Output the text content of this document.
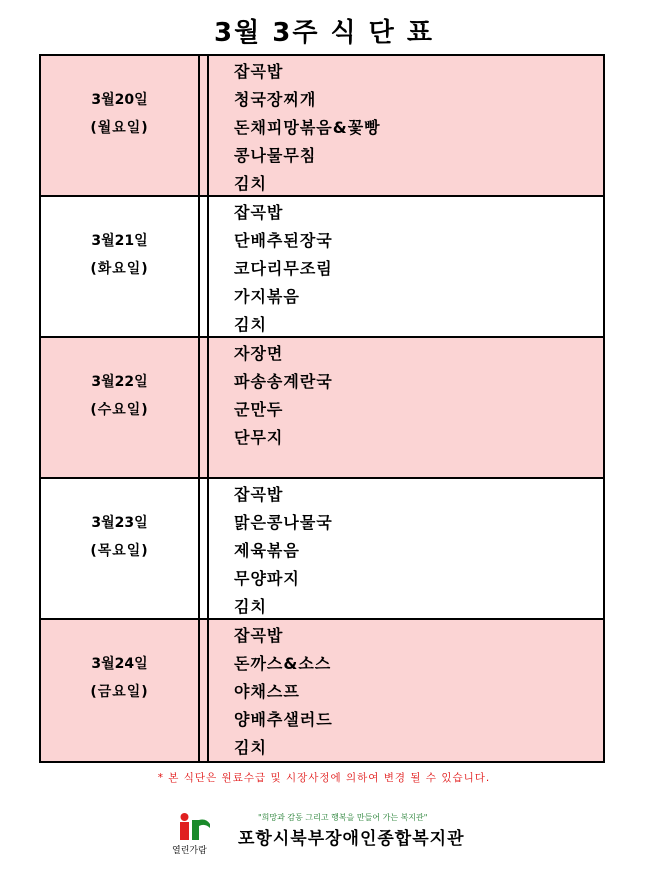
3월 3주 식 단 표
3월20일
(월요일)
잡곡밥
청국장찌개
돈채피망볶음&꽃빵
콩나물무침
김치
3월21일
(화요일)
잡곡밥
단배추된장국
코다리무조림
가지볶음
김치
3월22일
(수요일)
자장면
파송송계란국
군만두
단무지
3월23일
(목요일)
잡곡밥
맑은콩나물국
제육볶음
무양파지
김치
3월24일
(금요일)
잡곡밥
돈까스&소스
야채스프
양배추샐러드
김치
* 본 식단은 원료수급 및 시장사정에 의하여 변경 될 수 있습니다.
열린가람
"희망과 감동 그리고 행복을 만들어 가는 복지관"
포항시북부장애인종합복지관
